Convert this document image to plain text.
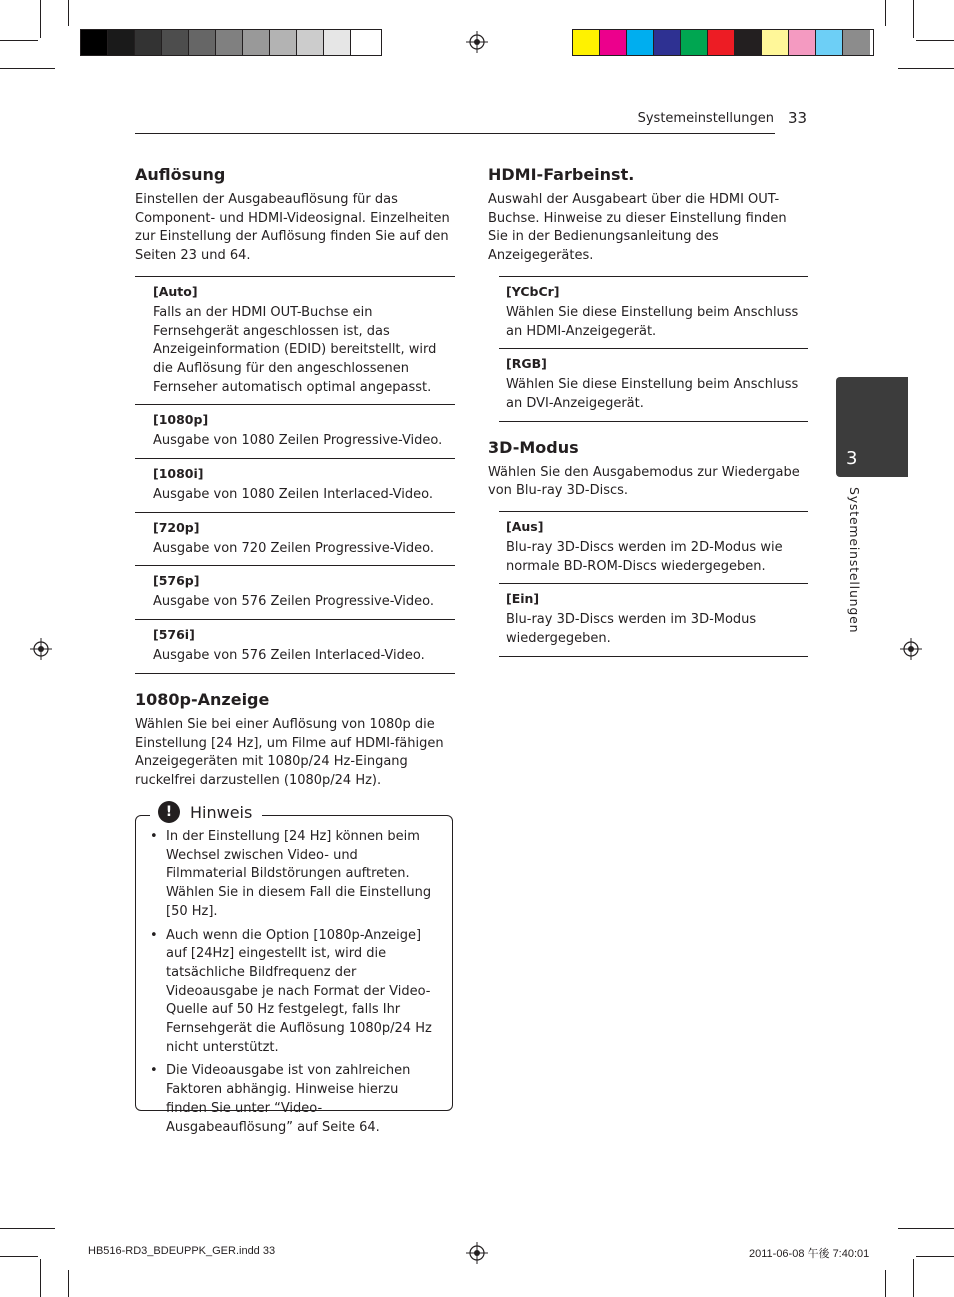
Systemeinstellungen 33
Auflösung

Einstellen der Ausgabeauflösung für das Component- und HDMI-Videosignal. Einzelheiten zur Einstellung der Auflösung finden Sie auf den Seiten 23 und 64.

[Auto]
Falls an der HDMI OUT-Buchse ein Fernsehgerät angeschlossen ist, das Anzeigeinformation (EDID) bereitstellt, wird die Auflösung für den angeschlossenen Fernseher automatisch optimal angepasst.
[1080p]
Ausgabe von 1080 Zeilen Progressive-Video.
[1080i]
Ausgabe von 1080 Zeilen Interlaced-Video.
[720p]
Ausgabe von 720 Zeilen Progressive-Video.
[576p]
Ausgabe von 576 Zeilen Progressive-Video.
[576i]
Ausgabe von 576 Zeilen Interlaced-Video.
1080p-Anzeige

Wählen Sie bei einer Auflösung von 1080p die Einstellung [24 Hz], um Filme auf HDMI-fähigen Anzeigegeräten mit 1080p/24 Hz-Eingang ruckelfrei darzustellen (1080p/24 Hz).

• In der Einstellung [24 Hz] können beim Wechsel zwischen Video- und Filmmaterial Bildstörungen auftreten. Wählen Sie in diesem Fall die Einstellung [50 Hz].
• Auch wenn die Option [1080p-Anzeige] auf [24Hz] eingestellt ist, wird die tatsächliche Bildfrequenz der Videoausgabe je nach Format der Video-Quelle auf 50 Hz festgelegt, falls Ihr Fernsehgerät die Auflösung 1080p/24 Hz nicht unterstützt.
• Die Videoausgabe ist von zahlreichen Faktoren abhängig. Hinweise hierzu finden Sie unter “Video-Ausgabeauflösung” auf Seite 64.
!	Hinweis
HDMI-Farbeinst.

Auswahl der Ausgabeart über die HDMI OUT-Buchse. Hinweise zu dieser Einstellung finden Sie in der Bedienungsanleitung des Anzeigegerätes.

[YCbCr]
Wählen Sie diese Einstellung beim Anschluss an HDMI-Anzeigegerät.
[RGB]
Wählen Sie diese Einstellung beim Anschluss an DVI-Anzeigegerät.
3D-Modus

Wählen Sie den Ausgabemodus zur Wiedergabe von Blu-ray 3D-Discs.

[Aus]
Blu-ray 3D-Discs werden im 2D-Modus wie normale BD-ROM-Discs wiedergegeben.
[Ein]
Blu-ray 3D-Discs werden im 3D-Modus wiedergegeben.
3
Systemeinstellungen
HB516-RD3_BDEUPPK_GER.indd 33	2011-06-08 午後 7:40:01
